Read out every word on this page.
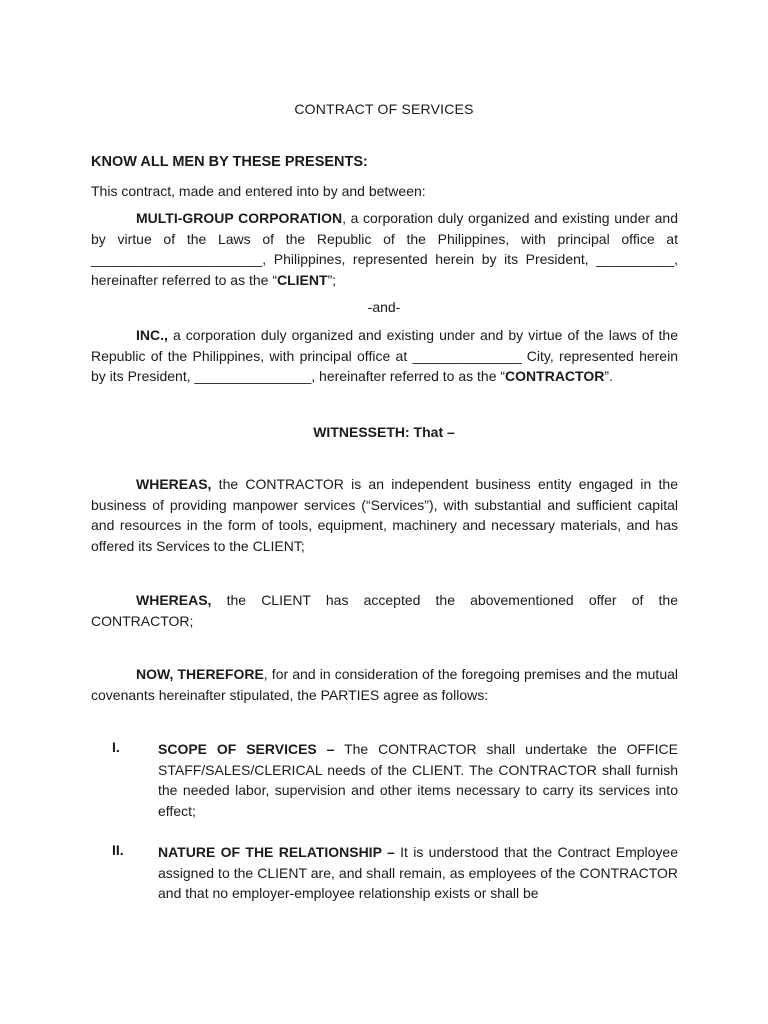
CONTRACT OF SERVICES
KNOW ALL MEN BY THESE PRESENTS:
This contract, made and entered into by and between:

MULTI-GROUP CORPORATION, a corporation duly organized and existing under and by virtue of the Laws of the Republic of the Philippines, with principal office at ______________________, Philippines, represented herein by its President, __________, hereinafter referred to as the “CLIENT”;

-and-

INC., a corporation duly organized and existing under and by virtue of the laws of the Republic of the Philippines, with principal office at ______________ City, represented herein by its President, _______________, hereinafter referred to as the “CONTRACTOR”.

WITNESSETH: That –

WHEREAS, the CONTRACTOR is an independent business entity engaged in the business of providing manpower services (“Services”), with substantial and sufficient capital and resources in the form of tools, equipment, machinery and necessary materials, and has offered its Services to the CLIENT;

WHEREAS, the CLIENT has accepted the abovementioned offer of the CONTRACTOR;

NOW, THEREFORE, for and in consideration of the foregoing premises and the mutual covenants hereinafter stipulated, the PARTIES agree as follows:

I.	SCOPE OF SERVICES – The CONTRACTOR shall undertake the OFFICE STAFF/SALES/CLERICAL needs of the CLIENT. The CONTRACTOR shall furnish the needed labor, supervision and other items necessary to carry its services into effect;
II. NATURE OF THE RELATIONSHIP – It is understood that the Contract Employee assigned to the CLIENT are, and shall remain, as employees of the CONTRACTOR and that no employer-employee relationship exists or shall be
